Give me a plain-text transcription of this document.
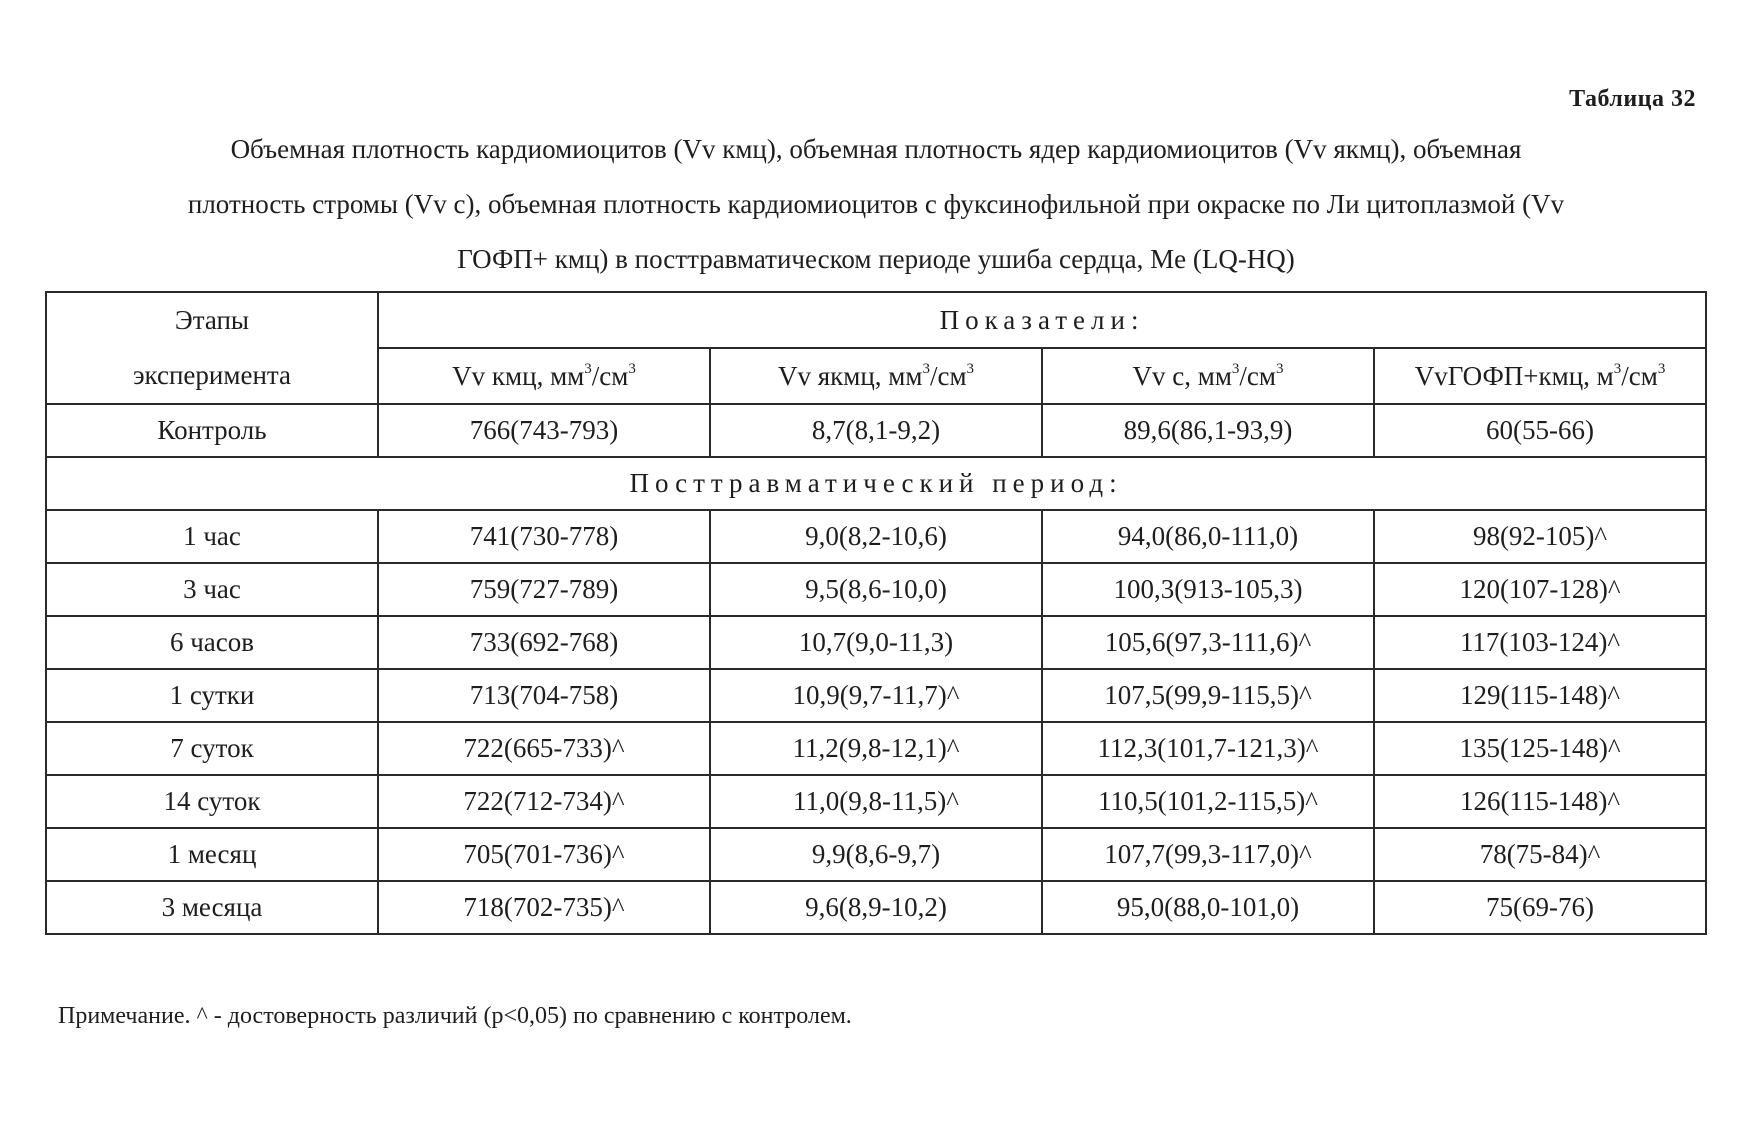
Таблица 32
Объемная плотность кардиомиоцитов (Vv кмц), объемная плотность ядер кардиомиоцитов (Vv якмц), объемная
плотность стромы (Vv с), объемная плотность кардиомиоцитов с фуксинофильной при окраске по Ли цитоплазмой (Vv
ГОФП+ кмц) в посттравматическом периоде ушиба сердца, Me (LQ-HQ)
Этапы
эксперимента	Показатели:			
	Vv кмц, $мм^3/см^3$	Vv якмц, $мм^3/см^3$	Vv с, $мм^3/см^3$	VvГОФП+кмц, $м^3/см^3$
Контроль	766(743-793)	8,7(8,1-9,2)	89,6(86,1-93,9)	60(55-66)
Посттравматический период:				
1 час	741(730-778)	9,0(8,2-10,6)	94,0(86,0-111,0)	98(92-105)^
3 час	759(727-789)	9,5(8,6-10,0)	100,3(913-105,3)	120(107-128)^
6 часов	733(692-768)	10,7(9,0-11,3)	105,6(97,3-111,6)^	117(103-124)^
1 сутки	713(704-758)	10,9(9,7-11,7)^	107,5(99,9-115,5)^	129(115-148)^
7 суток	722(665-733)^	11,2(9,8-12,1)^	112,3(101,7-121,3)^	135(125-148)^
14 суток	722(712-734)^	11,0(9,8-11,5)^	110,5(101,2-115,5)^	126(115-148)^
1 месяц	705(701-736)^	9,9(8,6-9,7)	107,7(99,3-117,0)^	78(75-84)^
3 месяца	718(702-735)^	9,6(8,9-10,2)	95,0(88,0-101,0)	75(69-76)
Примечание. ^ - достоверность различий (p<0,05) по сравнению с контролем.
